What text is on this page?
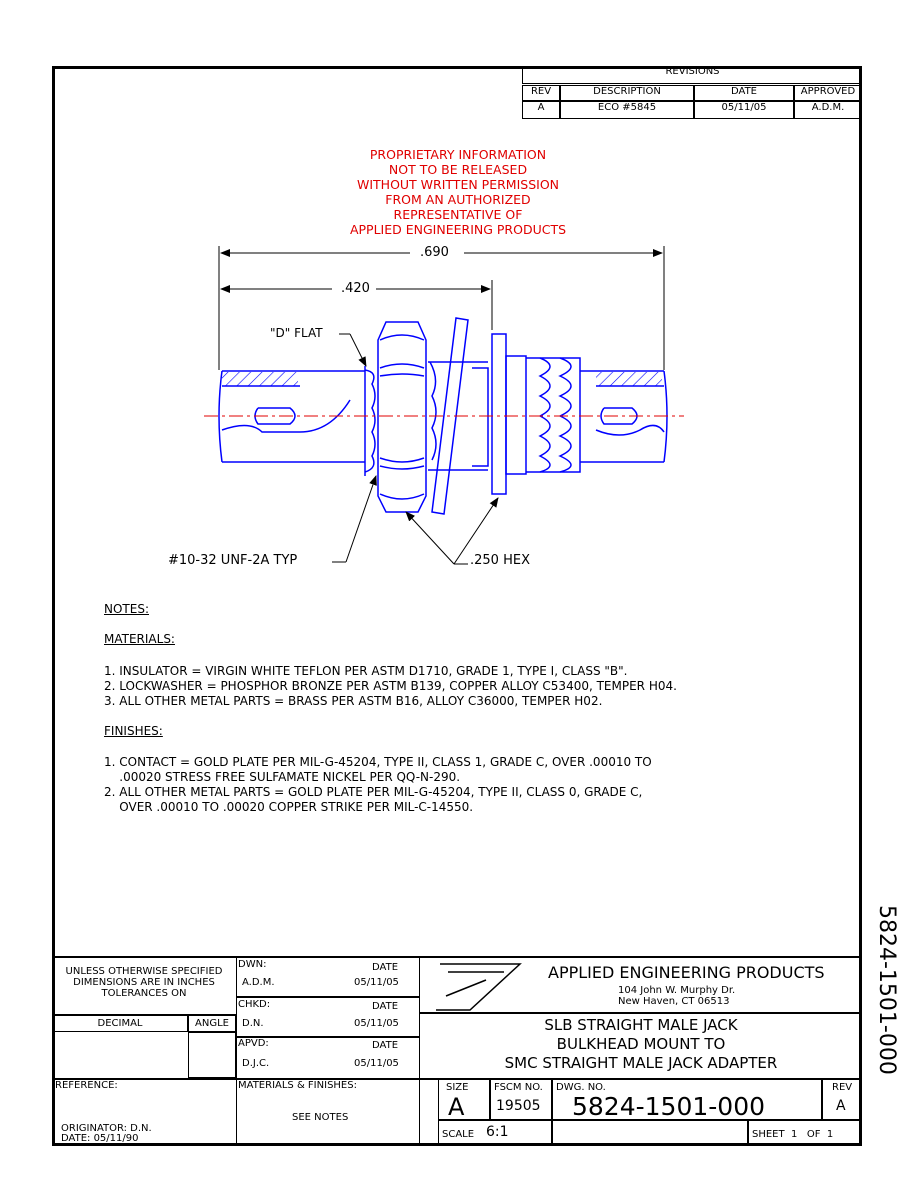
REVISIONS
REV	DESCRIPTION	DATE	APPROVED
A	ECO #5845	05/11/05	A.D.M.
PROPRIETARY INFORMATION
NOT TO BE RELEASED
WITHOUT WRITTEN PERMISSION
FROM AN AUTHORIZED
REPRESENTATIVE OF
APPLIED ENGINEERING PRODUCTS
.690
.420
"D" FLAT
#10-32 UNF-2A TYP	.250 HEX
NOTES:
MATERIALS:
1. INSULATOR = VIRGIN WHITE TEFLON PER ASTM D1710, GRADE 1, TYPE I, CLASS "B".
2. LOCKWASHER = PHOSPHOR BRONZE PER ASTM B139, COPPER ALLOY C53400, TEMPER H04.
3. ALL OTHER METAL PARTS = BRASS PER ASTM B16, ALLOY C36000, TEMPER H02.
FINISHES:
1. CONTACT = GOLD PLATE PER MIL-G-45204, TYPE II, CLASS 1, GRADE C, OVER .00010 TO
.00020 STRESS FREE SULFAMATE NICKEL PER QQ-N-290.
2. ALL OTHER METAL PARTS = GOLD PLATE PER MIL-G-45204, TYPE II, CLASS 0, GRADE C,
OVER .00010 TO .00020 COPPER STRIKE PER MIL-C-14550.
UNLESS OTHERWISE SPECIFIED
DIMENSIONS ARE IN INCHES
TOLERANCES ON
DECIMAL	ANGLE
DWN:	DATE
A.D.M.	05/11/05
CHKD:	DATE
D.N.	05/11/05
APVD:	DATE
D.J.C.	05/11/05
APPLIED ENGINEERING PRODUCTS
104 John W. Murphy Dr.
New Haven, CT 06513
SLB STRAIGHT MALE JACK
BULKHEAD MOUNT TO
SMC STRAIGHT MALE JACK ADAPTER
REFERENCE:
ORIGINATOR: D.N.
DATE: 05/11/90
MATERIALS & FINISHES:
SEE NOTES
SIZE
A
FSCM NO.
19505
DWG. NO.
5824-1501-000
REV
A
SCALE 6:1	SHEET  1   OF  1
5824-1501-000
